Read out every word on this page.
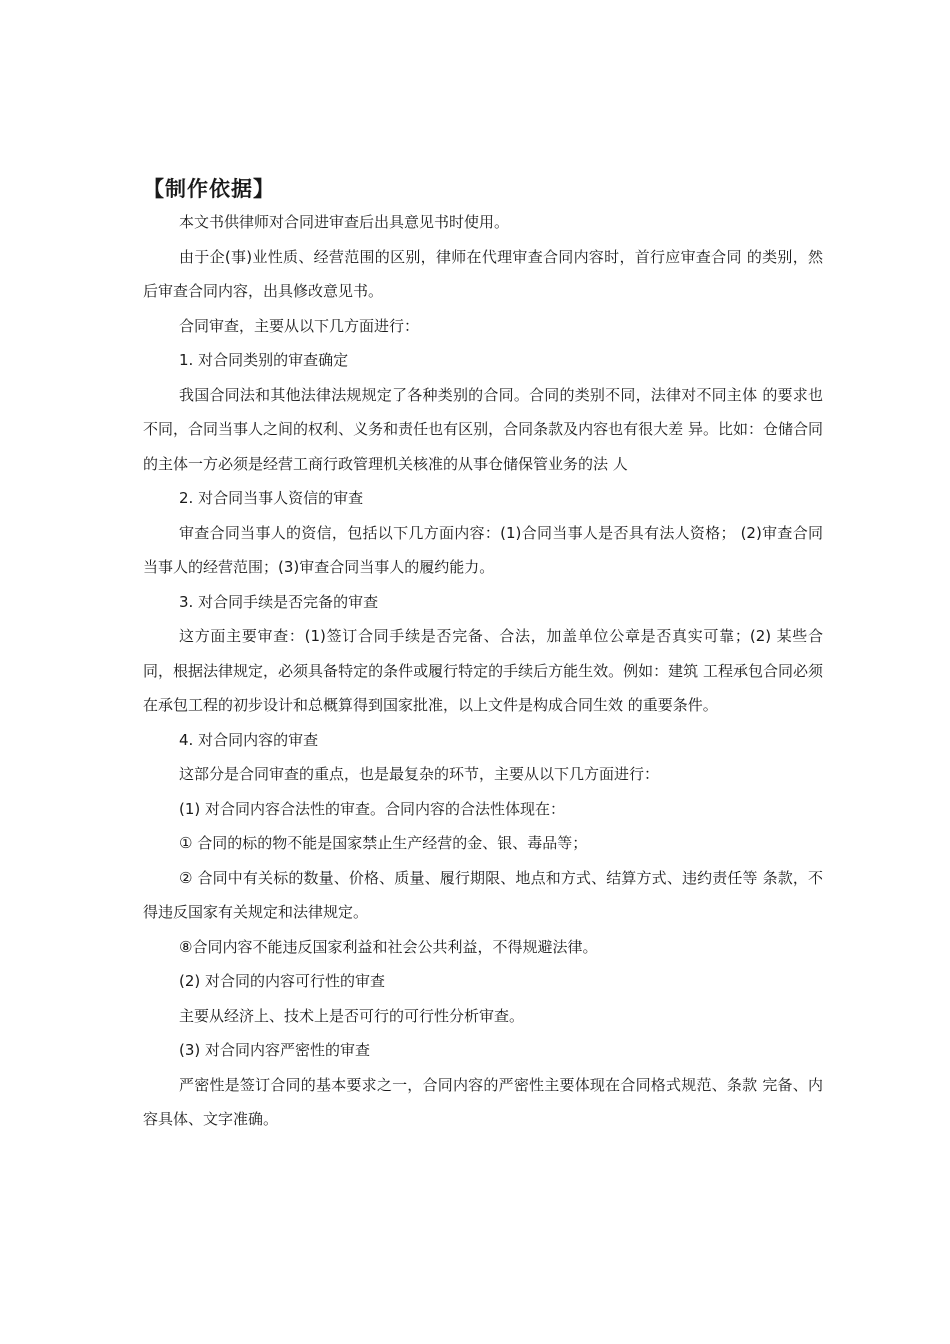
【制作依据】

本文书供律师对合同进审查后出具意见书时使用。

由于企(事)业性质、经营范围的区别，律师在代理审查合同内容时，首行应审查合同 的类别，然后审查合同内容，出具修改意见书。

合同审查，主要从以下几方面进行：

1. 对合同类别的审查确定

我国合同法和其他法律法规规定了各种类别的合同。合同的类别不同，法律对不同主体 的要求也不同，合同当事人之间的权利、义务和责任也有区别，合同条款及内容也有很大差 异。比如：仓储合同的主体一方必须是经营工商行政管理机关核准的从事仓储保管业务的法 人

2. 对合同当事人资信的审查

审查合同当事人的资信，包括以下几方面内容：(1)合同当事人是否具有法人资格； (2)审查合同当事人的经营范围；(3)审查合同当事人的履约能力。

3. 对合同手续是否完备的审查

这方面主要审查：(1)签订合同手续是否完备、合法，加盖单位公章是否真实可靠；(2) 某些合同，根据法律规定，必须具备特定的条件或履行特定的手续后方能生效。例如：建筑 工程承包合同必须在承包工程的初步设计和总概算得到国家批准，以上文件是构成合同生效 的重要条件。

4. 对合同内容的审查

这部分是合同审查的重点，也是最复杂的环节，主要从以下几方面进行：

(1) 对合同内容合法性的审查。合同内容的合法性体现在：

① 合同的标的物不能是国家禁止生产经营的金、银、毒品等；

② 合同中有关标的数量、价格、质量、履行期限、地点和方式、结算方式、违约责任等 条款，不得违反国家有关规定和法律规定。

⑧合同内容不能违反国家利益和社会公共利益，不得规避法律。

(2) 对合同的内容可行性的审查

主要从经济上、技术上是否可行的可行性分析审查。

(3) 对合同内容严密性的审查

严密性是签订合同的基本要求之一，合同内容的严密性主要体现在合同格式规范、条款 完备、内容具体、文字准确。
